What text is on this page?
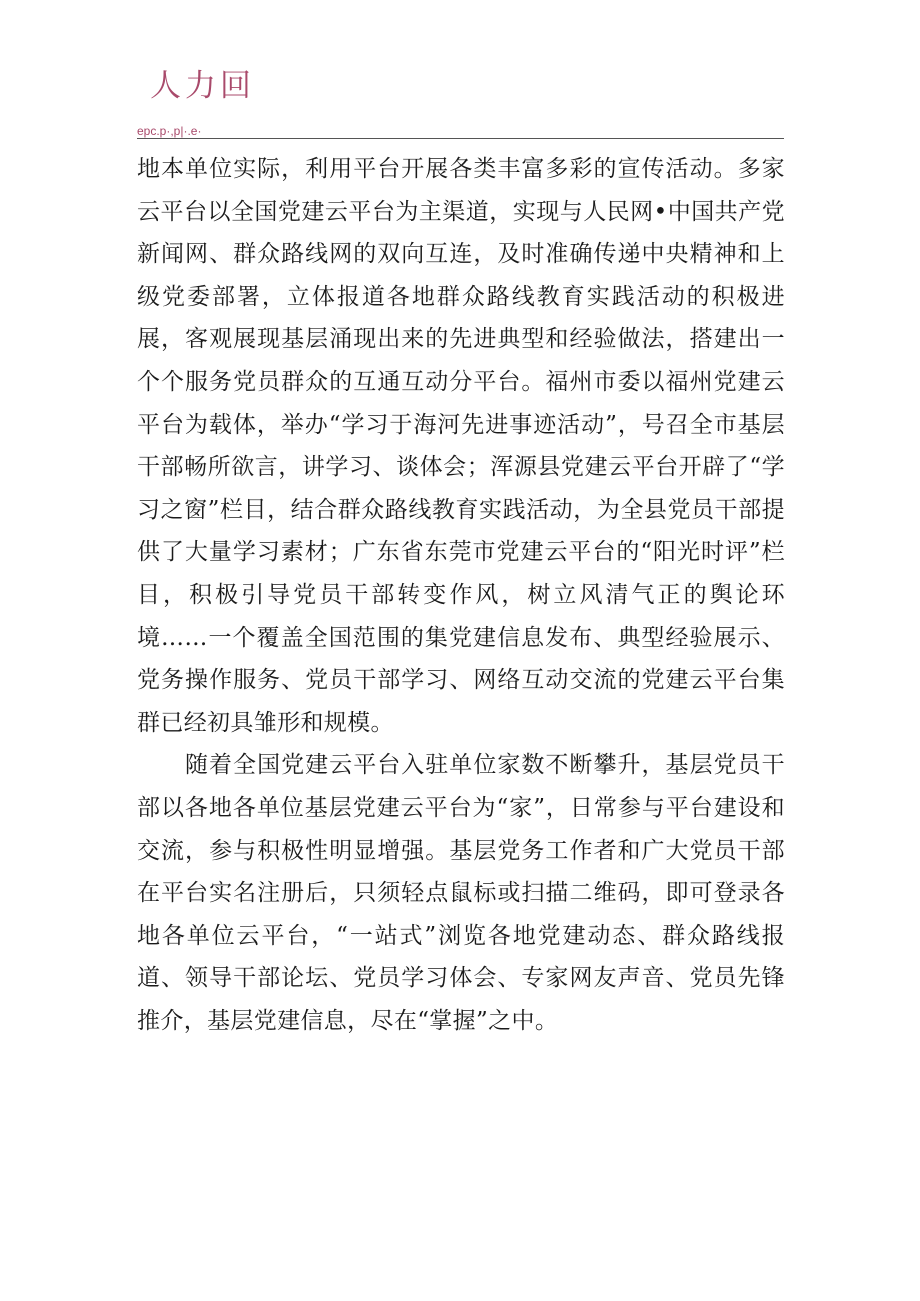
人力回
epc.p·,p|·.e·

地本单位实际，利用平台开展各类丰富多彩的宣传活动。多家云平台以全国党建云平台为主渠道，实现与人民网•中国共产党新闻网、群众路线网的双向互连，及时准确传递中央精神和上级党委部署，立体报道各地群众路线教育实践活动的积极进展，客观展现基层涌现出来的先进典型和经验做法，搭建出一个个服务党员群众的互通互动分平台。福州市委以福州党建云平台为载体，举办“学习于海河先进事迹活动”，号召全市基层干部畅所欲言，讲学习、谈体会；浑源县党建云平台开辟了“学习之窗”栏目，结合群众路线教育实践活动，为全县党员干部提供了大量学习素材；广东省东莞市党建云平台的“阳光时评”栏目，积极引导党员干部转变作风，树立风清气正的舆论环境……一个覆盖全国范围的集党建信息发布、典型经验展示、党务操作服务、党员干部学习、网络互动交流的党建云平台集群已经初具雏形和规模。

随着全国党建云平台入驻单位家数不断攀升，基层党员干部以各地各单位基层党建云平台为“家”，日常参与平台建设和交流，参与积极性明显增强。基层党务工作者和广大党员干部在平台实名注册后，只须轻点鼠标或扫描二维码，即可登录各地各单位云平台，“一站式”浏览各地党建动态、群众路线报道、领导干部论坛、党员学习体会、专家网友声音、党员先锋推介，基层党建信息，尽在“掌握”之中。
